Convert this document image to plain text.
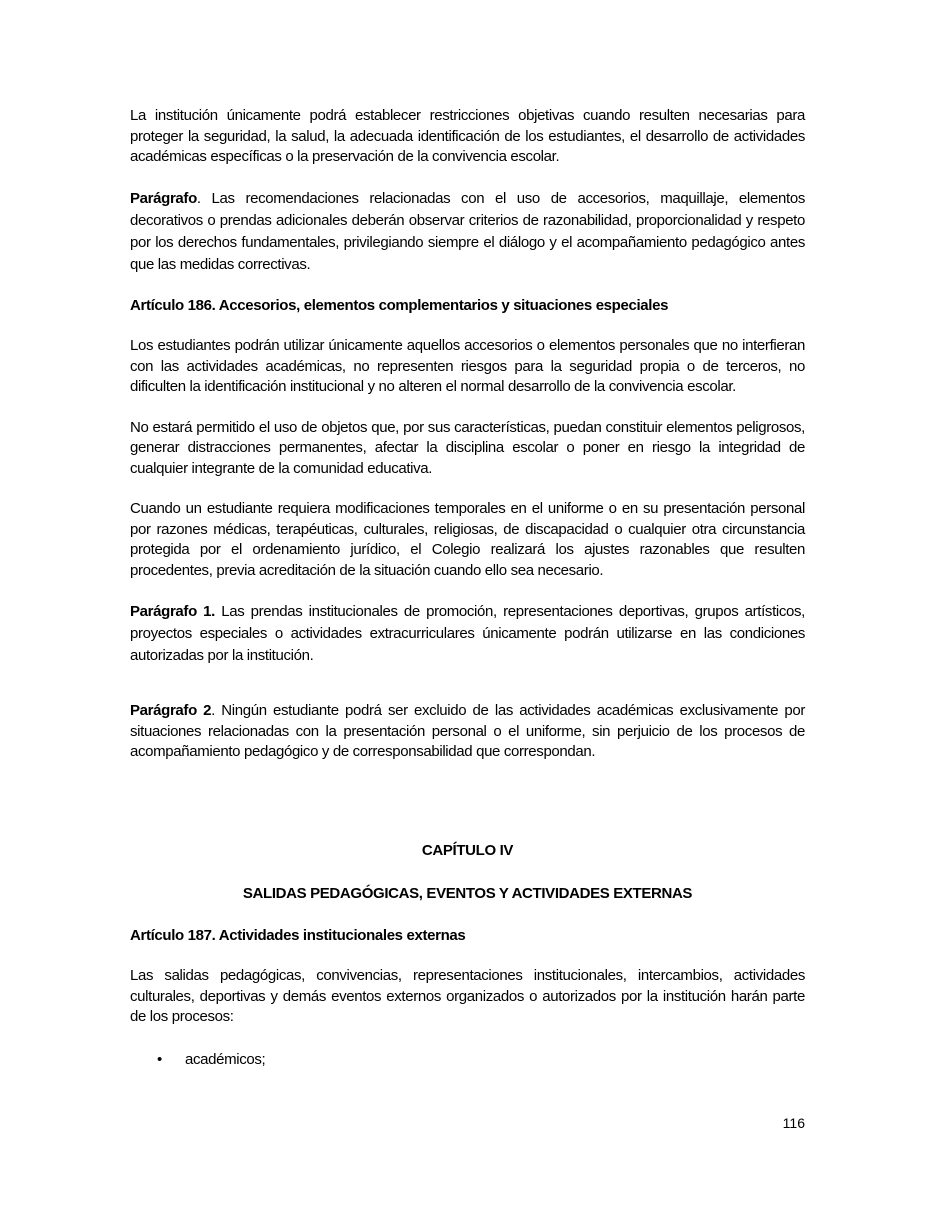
La institución únicamente podrá establecer restricciones objetivas cuando resulten necesarias para proteger la seguridad, la salud, la adecuada identificación de los estudiantes, el desarrollo de actividades académicas específicas o la preservación de la convivencia escolar.

Parágrafo. Las recomendaciones relacionadas con el uso de accesorios, maquillaje, elementos decorativos o prendas adicionales deberán observar criterios de razonabilidad, proporcionalidad y respeto por los derechos fundamentales, privilegiando siempre el diálogo y el acompañamiento pedagógico antes que las medidas correctivas.

Artículo 186. Accesorios, elementos complementarios y situaciones especiales

Los estudiantes podrán utilizar únicamente aquellos accesorios o elementos personales que no interfieran con las actividades académicas, no representen riesgos para la seguridad propia o de terceros, no dificulten la identificación institucional y no alteren el normal desarrollo de la convivencia escolar.

No estará permitido el uso de objetos que, por sus características, puedan constituir elementos peligrosos, generar distracciones permanentes, afectar la disciplina escolar o poner en riesgo la integridad de cualquier integrante de la comunidad educativa.

Cuando un estudiante requiera modificaciones temporales en el uniforme o en su presentación personal por razones médicas, terapéuticas, culturales, religiosas, de discapacidad o cualquier otra circunstancia protegida por el ordenamiento jurídico, el Colegio realizará los ajustes razonables que resulten procedentes, previa acreditación de la situación cuando ello sea necesario.

Parágrafo 1. Las prendas institucionales de promoción, representaciones deportivas, grupos artísticos, proyectos especiales o actividades extracurriculares únicamente podrán utilizarse en las condiciones autorizadas por la institución.

Parágrafo 2. Ningún estudiante podrá ser excluido de las actividades académicas exclusivamente por situaciones relacionadas con la presentación personal o el uniforme, sin perjuicio de los procesos de acompañamiento pedagógico y de corresponsabilidad que correspondan.

CAPÍTULO IV
SALIDAS PEDAGÓGICAS, EVENTOS Y ACTIVIDADES EXTERNAS
Artículo 187. Actividades institucionales externas

Las salidas pedagógicas, convivencias, representaciones institucionales, intercambios, actividades culturales, deportivas y demás eventos externos organizados o autorizados por la institución harán parte de los procesos:

• académicos;
116
